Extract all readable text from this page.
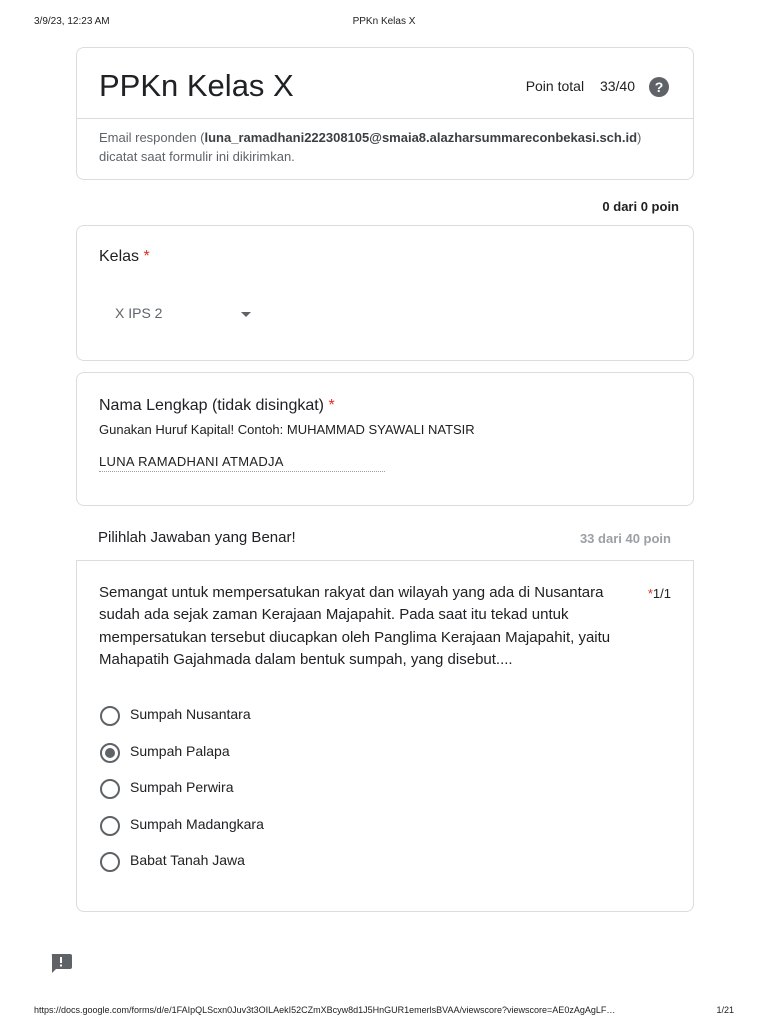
3/9/23, 12:23 AM	PPKn Kelas X
PPKn Kelas X	Poin total 33/40	?
Email responden (luna_ramadhani222308105@smaia8.alazharsummareconbekasi.sch.id)
dicatat saat formulir ini dikirimkan.
0 dari 0 poin
Kelas *
X IPS 2
Nama Lengkap (tidak disingkat) *
Gunakan Huruf Kapital! Contoh: MUHAMMAD SYAWALI NATSIR
LUNA RAMADHANI ATMADJA
Pilihlah Jawaban yang Benar!	33 dari 40 poin
Semangat untuk mempersatukan rakyat dan wilayah yang ada di Nusantara sudah ada sejak zaman Kerajaan Majapahit. Pada saat itu tekad untuk mempersatukan tersebut diucapkan oleh Panglima Kerajaan Majapahit, yaitu Mahapatih Gajahmada dalam bentuk sumpah, yang disebut....
*1/1
Sumpah Nusantara
Sumpah Palapa
Sumpah Perwira
Sumpah Madangkara
Babat Tanah Jawa
https://docs.google.com/forms/d/e/1FAIpQLScxn0Juv3t3OILAekI52CZmXBcyw8d1J5HnGUR1emerlsBVAA/viewscore?viewscore=AE0zAgAgLF…	1/21
